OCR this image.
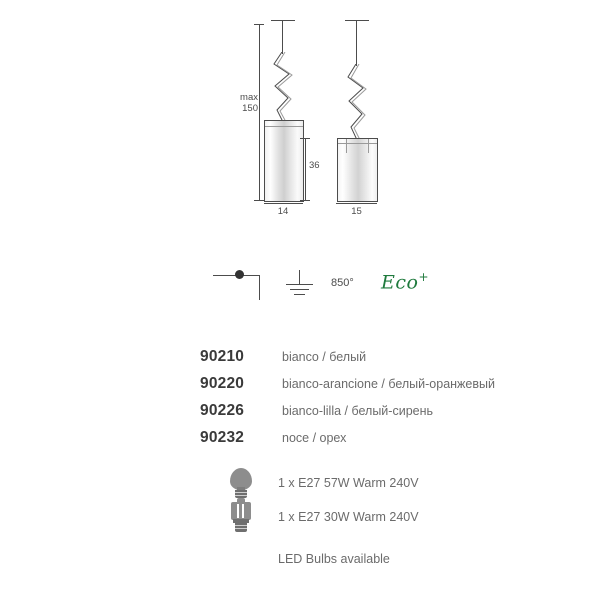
max
150
14
36
15
850° Eco+
90210	bianco / белый
90220	bianco-arancione / белый-оранжевый
90226	bianco-lilla / белый-сирень
90232	noce / орех
1 x E27 57W Warm 240V
1 x E27 30W Warm 240V
LED Bulbs available
